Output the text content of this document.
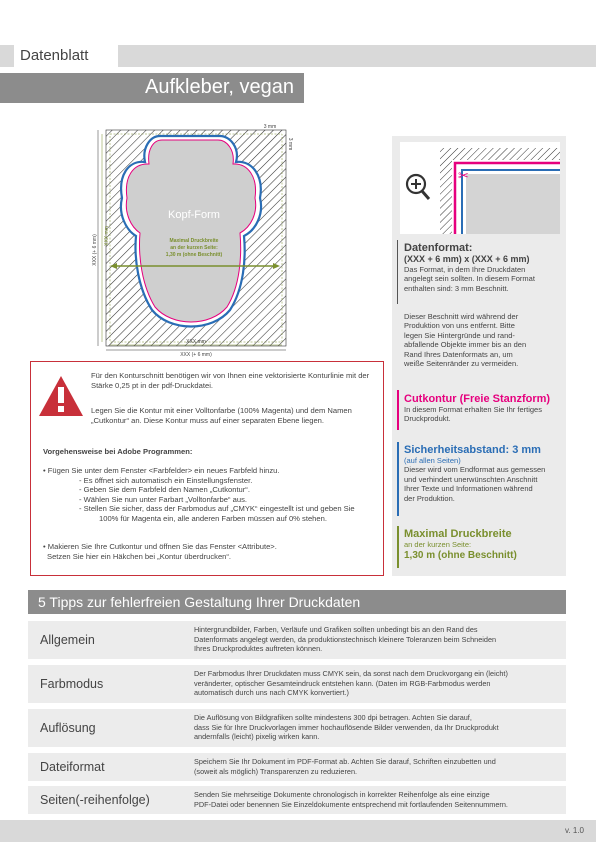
Datenblatt
Aufkleber, vegan
Kopf-Form
Maximal Druckbreite
an der kurzen Seite:
1,30 m (ohne Beschnitt)
XXX (+ 6 mm) XXX mm
XXX mm
XXX (+ 6 mm)
3 mm
3 mm
Für den Konturschnitt benötigen wir von Ihnen eine vektorisierte Konturlinie mit der Stärke 0,25 pt in der pdf-Druckdatei.
Legen Sie die Kontur mit einer Volltonfarbe (100% Magenta) und dem Namen „Cutkontur“ an. Diese Kontur muss auf einer separaten Ebene liegen.
Vorgehensweise bei Adobe Programmen:
• Fügen Sie unter dem Fenster <Farbfelder> ein neues Farbfeld hinzu.
- Es öffnet sich automatisch ein Einstellungsfenster.
- Geben Sie dem Farbfeld den Namen „Cutkontur“.
- Wählen Sie nun unter Farbart „Volltonfarbe“ aus.
- Stellen Sie sicher, dass der Farbmodus auf „CMYK“ eingestellt ist und geben Sie
100% für Magenta ein, alle anderen Farben müssen auf 0% stehen.
• Makieren Sie Ihre Cutkontur und öffnen Sie das Fenster <Attribute>.
Setzen Sie hier ein Häkchen bei „Kontur überdrucken“.
✂
Datenformat:
(XXX + 6 mm) x (XXX + 6 mm)
Das Format, in dem Ihre Druckdaten
angelegt sein sollten. In diesem Format
enthalten sind: 3 mm Beschnitt.
Dieser Beschnitt wird während der
Produktion von uns entfernt. Bitte
legen Sie Hintergründe und rand-
abfallende Objekte immer bis an den
Rand Ihres Datenformats an, um
weiße Seitenränder zu vermeiden.
Cutkontur (Freie Stanzform)
In diesem Format erhalten Sie Ihr fertiges
Druckprodukt.
Sicherheitsabstand: 3 mm
(auf allen Seiten)
Dieser wird vom Endformat aus gemessen
und verhindert unerwünschten Anschnitt
Ihrer Texte und Informationen während
der Produktion.
Maximal Druckbreite
an der kurzen Seite:
1,30 m (ohne Beschnitt)
5 Tipps zur fehlerfreien Gestaltung Ihrer Druckdaten
Allgemein
Hintergrundbilder, Farben, Verläufe und Grafiken sollten unbedingt bis an den Rand des
Datenformats angelegt werden, da produktionstechnisch kleinere Toleranzen beim Schneiden
Ihres Druckproduktes auftreten können.
Farbmodus
Der Farbmodus Ihrer Druckdaten muss CMYK sein, da sonst nach dem Druckvorgang ein (leicht)
veränderter, optischer Gesamteindruck entstehen kann. (Daten im RGB-Farbmodus werden
automatisch durch uns nach CMYK konvertiert.)
Auflösung
Die Auflösung von Bildgrafiken sollte mindestens 300 dpi betragen. Achten Sie darauf,
dass Sie für Ihre Druckvorlagen immer hochauflösende Bilder verwenden, da Ihr Druckprodukt
andernfalls (leicht) pixelig wirken kann.
Dateiformat	Speichern Sie Ihr Dokument im PDF-Format ab. Achten Sie darauf, Schriften einzubetten und
(soweit als möglich) Transparenzen zu reduzieren.
Seiten(-reihenfolge)	Senden Sie mehrseitige Dokumente chronologisch in korrekter Reihenfolge als eine einzige
PDF-Datei oder benennen Sie Einzeldokumente entsprechend mit fortlaufenden Seitennummern.
v. 1.0
